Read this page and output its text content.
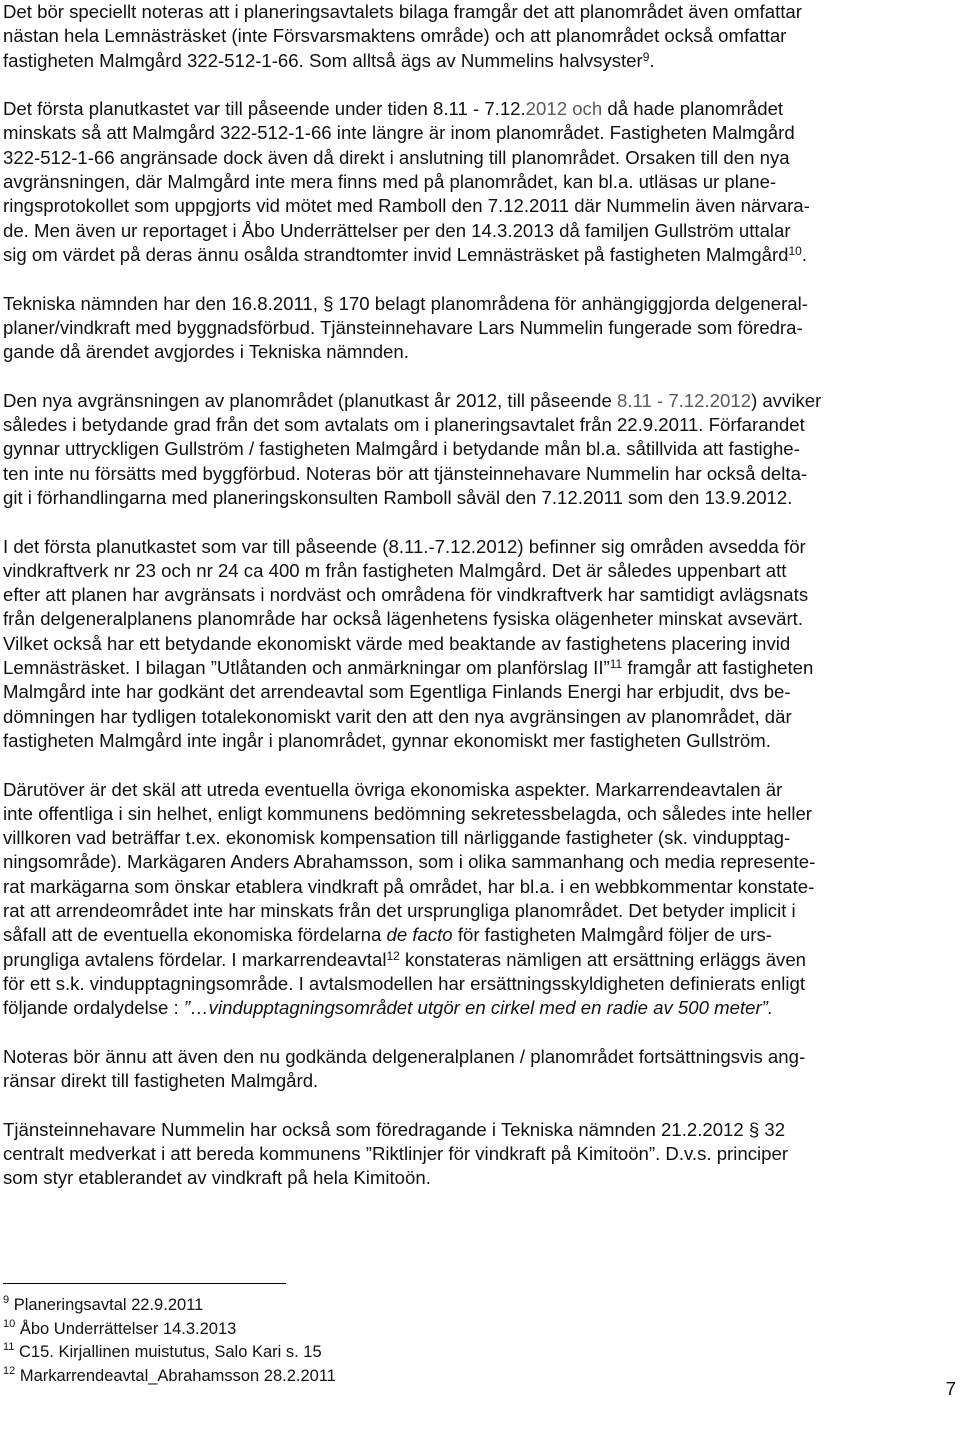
Det bör speciellt noteras att i planeringsavtalets bilaga framgår det att planområdet även omfattar
nästan hela Lemnästräsket (inte Försvarsmaktens område) och att planområdet också omfattar
fastigheten Malmgård 322-512-1-66. Som alltså ägs av Nummelins halvsyster$^9$.

Det första planutkastet var till påseende under tiden 8.11 - 7.12.2012 och då hade planområdet
minskats så att Malmgård 322-512-1-66 inte längre är inom planområdet. Fastigheten Malmgård
322-512-1-66 angränsade dock även då direkt i anslutning till planområdet. Orsaken till den nya
avgränsningen, där Malmgård inte mera finns med på planområdet, kan bl.a. utläsas ur plane-
ringsprotokollet som uppgjorts vid mötet med Ramboll den 7.12.2011 där Nummelin även närvara-
de. Men även ur reportaget i Åbo Underrättelser per den 14.3.2013 då familjen Gullström uttalar
sig om värdet på deras ännu osålda strandtomter invid Lemnästräsket på fastigheten Malmgård$^{10}$.

Tekniska nämnden har den 16.8.2011, § 170 belagt planområdena för anhängiggjorda delgeneral-
planer/vindkraft med byggnadsförbud. Tjänsteinnehavare Lars Nummelin fungerade som föredra-
gande då ärendet avgjordes i Tekniska nämnden.

Den nya avgränsningen av planområdet (planutkast år 2012, till påseende 8.11 - 7.12.2012) avviker
således i betydande grad från det som avtalats om i planeringsavtalet från 22.9.2011. Förfarandet
gynnar uttryckligen Gullström / fastigheten Malmgård i betydande mån bl.a. såtillvida att fastighe-
ten inte nu försätts med byggförbud. Noteras bör att tjänsteinnehavare Nummelin har också delta-
git i förhandlingarna med planeringskonsulten Ramboll såväl den 7.12.2011 som den 13.9.2012.

I det första planutkastet som var till påseende (8.11.-7.12.2012) befinner sig områden avsedda för
vindkraftverk nr 23 och nr 24 ca 400 m från fastigheten Malmgård. Det är således uppenbart att
efter att planen har avgränsats i nordväst och områdena för vindkraftverk har samtidigt avlägsnats
från delgeneralplanens planområde har också lägenhetens fysiska olägenheter minskat avsevärt.
Vilket också har ett betydande ekonomiskt värde med beaktande av fastighetens placering invid
Lemnästräsket. I bilagan ”Utlåtanden och anmärkningar om planförslag II”$^{11}$ framgår att fastigheten
Malmgård inte har godkänt det arrendeavtal som Egentliga Finlands Energi har erbjudit, dvs be-
dömningen har tydligen totalekonomiskt varit den att den nya avgränsingen av planområdet, där
fastigheten Malmgård inte ingår i planområdet, gynnar ekonomiskt mer fastigheten Gullström.

Därutöver är det skäl att utreda eventuella övriga ekonomiska aspekter. Markarrendeavtalen är
inte offentliga i sin helhet, enligt kommunens bedömning sekretessbelagda, och således inte heller
villkoren vad beträffar t.ex. ekonomisk kompensation till närliggande fastigheter (sk. vindupptag-
ningsområde). Markägaren Anders Abrahamsson, som i olika sammanhang och media represente-
rat markägarna som önskar etablera vindkraft på området, har bl.a. i en webbkommentar konstate-
rat att arrendeområdet inte har minskats från det ursprungliga planområdet. Det betyder implicit i
såfall att de eventuella ekonomiska fördelarna de facto för fastigheten Malmgård följer de urs-
prungliga avtalens fördelar. I markarrendeavtal$^{12}$ konstateras nämligen att ersättning erläggs även
för ett s.k. vindupptagningsområde. I avtalsmodellen har ersättningsskyldigheten definierats enligt
följande ordalydelse : ”…vindupptagningsområdet utgör en cirkel med en radie av 500 meter”.

Noteras bör ännu att även den nu godkända delgeneralplanen / planområdet fortsättningsvis ang-
ränsar direkt till fastigheten Malmgård.

Tjänsteinnehavare Nummelin har också som föredragande i Tekniska nämnden 21.2.2012 § 32
centralt medverkat i att bereda kommunens ”Riktlinjer för vindkraft på Kimitoön”. D.v.s. principer
som styr etablerandet av vindkraft på hela Kimitoön.

$^9$ Planeringsavtal 22.9.2011
$^{10}$ Åbo Underrättelser 14.3.2013
$^{11}$ C15. Kirjallinen muistutus, Salo Kari s. 15
$^{12}$ Markarrendeavtal_Abrahamsson 28.2.2011
7
